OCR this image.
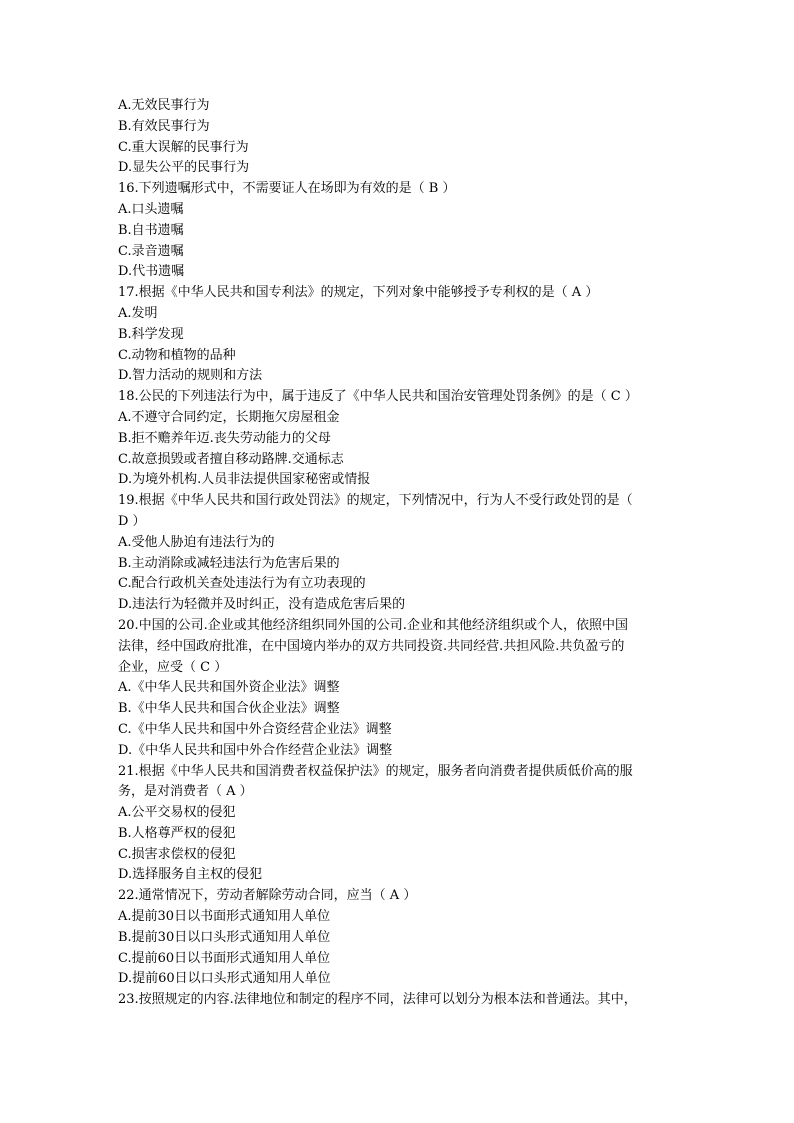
A.无效民事行为
B.有效民事行为
C.重大误解的民事行为
D.显失公平的民事行为
16.下列遗嘱形式中，不需要证人在场即为有效的是（ B ）
A.口头遗嘱
B.自书遗嘱
C.录音遗嘱
D.代书遗嘱
17.根据《中华人民共和国专利法》的规定，下列对象中能够授予专利权的是（ A ）
A.发明
B.科学发现
C.动物和植物的品种
D.智力活动的规则和方法
18.公民的下列违法行为中，属于违反了《中华人民共和国治安管理处罚条例》的是（ C ）
A.不遵守合同约定，长期拖欠房屋租金
B.拒不赡养年迈.丧失劳动能力的父母
C.故意损毁或者擅自移动路牌.交通标志
D.为境外机构.人员非法提供国家秘密或情报
19.根据《中华人民共和国行政处罚法》的规定，下列情况中，行为人不受行政处罚的是（
D ）
A.受他人胁迫有违法行为的
B.主动消除或减轻违法行为危害后果的
C.配合行政机关查处违法行为有立功表现的
D.违法行为轻微并及时纠正，没有造成危害后果的
20.中国的公司.企业或其他经济组织同外国的公司.企业和其他经济组织或个人，依照中国
法律，经中国政府批准，在中国境内举办的双方共同投资.共同经营.共担风险.共负盈亏的
企业，应受（ C ）
A.《中华人民共和国外资企业法》调整
B.《中华人民共和国合伙企业法》调整
C.《中华人民共和国中外合资经营企业法》调整
D.《中华人民共和国中外合作经营企业法》调整
21.根据《中华人民共和国消费者权益保护法》的规定，服务者向消费者提供质低价高的服
务，是对消费者（ A ）
A.公平交易权的侵犯
B.人格尊严权的侵犯
C.损害求偿权的侵犯
D.选择服务自主权的侵犯
22.通常情况下，劳动者解除劳动合同，应当（ A ）
A.提前30日以书面形式通知用人单位
B.提前30日以口头形式通知用人单位
C.提前60日以书面形式通知用人单位
D.提前60日以口头形式通知用人单位
23.按照规定的内容.法律地位和制定的程序不同，法律可以划分为根本法和普通法。其中，
